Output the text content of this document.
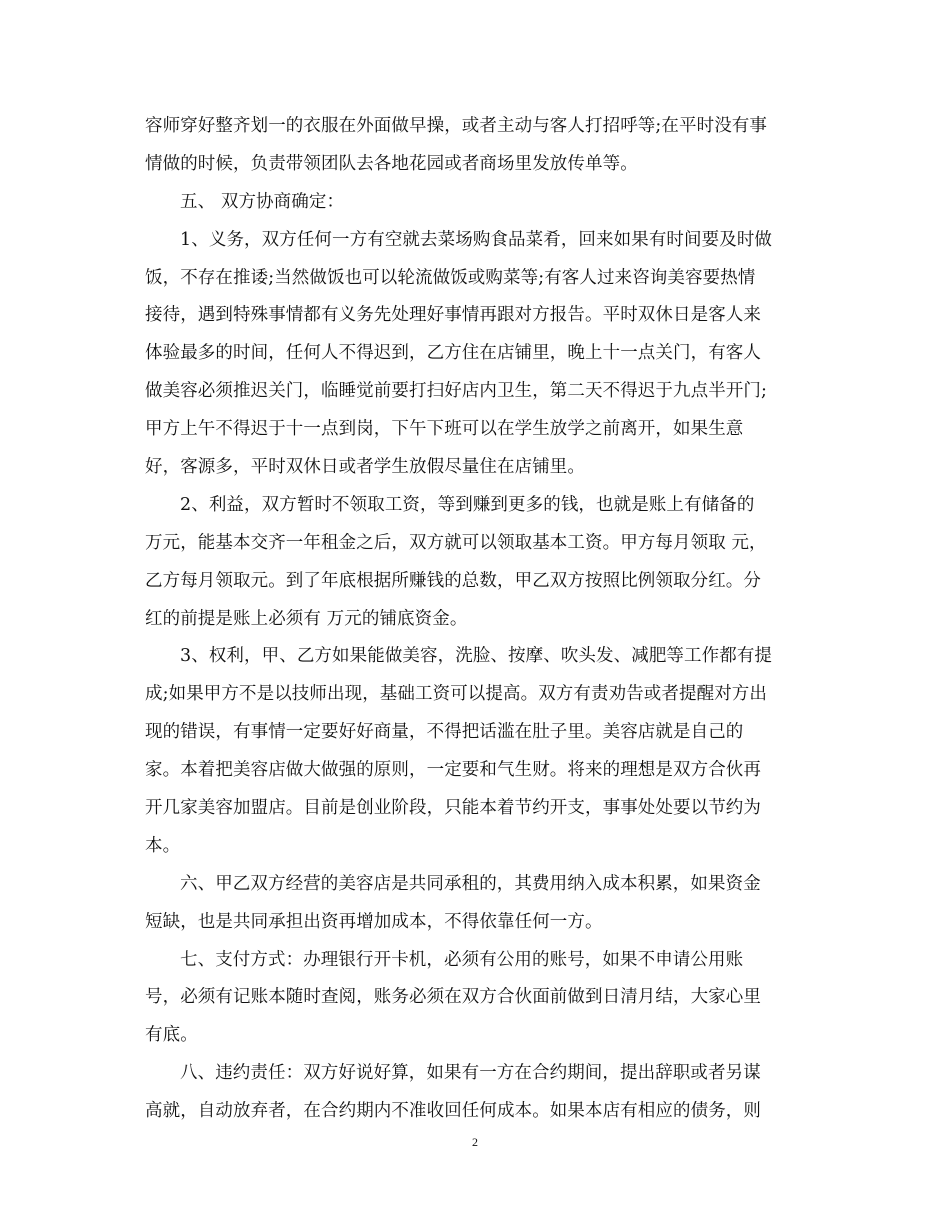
容师穿好整齐划一的衣服在外面做早操，或者主动与客人打招呼等;在平时没有事
情做的时候，负责带领团队去各地花园或者商场里发放传单等。
五、 双方协商确定：
1、义务，双方任何一方有空就去菜场购食品菜肴，回来如果有时间要及时做
饭，不存在推诿;当然做饭也可以轮流做饭或购菜等;有客人过来咨询美容要热情
接待，遇到特殊事情都有义务先处理好事情再跟对方报告。平时双休日是客人来
体验最多的时间，任何人不得迟到，乙方住在店铺里，晚上十一点关门，有客人
做美容必须推迟关门，临睡觉前要打扫好店内卫生，第二天不得迟于九点半开门;
甲方上午不得迟于十一点到岗，下午下班可以在学生放学之前离开，如果生意
好，客源多，平时双休日或者学生放假尽量住在店铺里。
2、利益，双方暂时不领取工资，等到赚到更多的钱，也就是账上有储备的
万元，能基本交齐一年租金之后，双方就可以领取基本工资。甲方每月领取 元，
乙方每月领取元。到了年底根据所赚钱的总数，甲乙双方按照比例领取分红。分
红的前提是账上必须有 万元的铺底资金。
3、权利，甲、乙方如果能做美容，洗脸、按摩、吹头发、减肥等工作都有提
成;如果甲方不是以技师出现，基础工资可以提高。双方有责劝告或者提醒对方出
现的错误，有事情一定要好好商量，不得把话滥在肚子里。美容店就是自己的
家。本着把美容店做大做强的原则，一定要和气生财。将来的理想是双方合伙再
开几家美容加盟店。目前是创业阶段，只能本着节约开支，事事处处要以节约为
本。
六、甲乙双方经营的美容店是共同承租的，其费用纳入成本积累，如果资金
短缺，也是共同承担出资再增加成本，不得依靠任何一方。
七、支付方式：办理银行开卡机，必须有公用的账号，如果不申请公用账
号，必须有记账本随时查阅，账务必须在双方合伙面前做到日清月结，大家心里
有底。
八、违约责任：双方好说好算，如果有一方在合约期间，提出辞职或者另谋
高就，自动放弃者，在合约期内不准收回任何成本。如果本店有相应的债务，则
2
